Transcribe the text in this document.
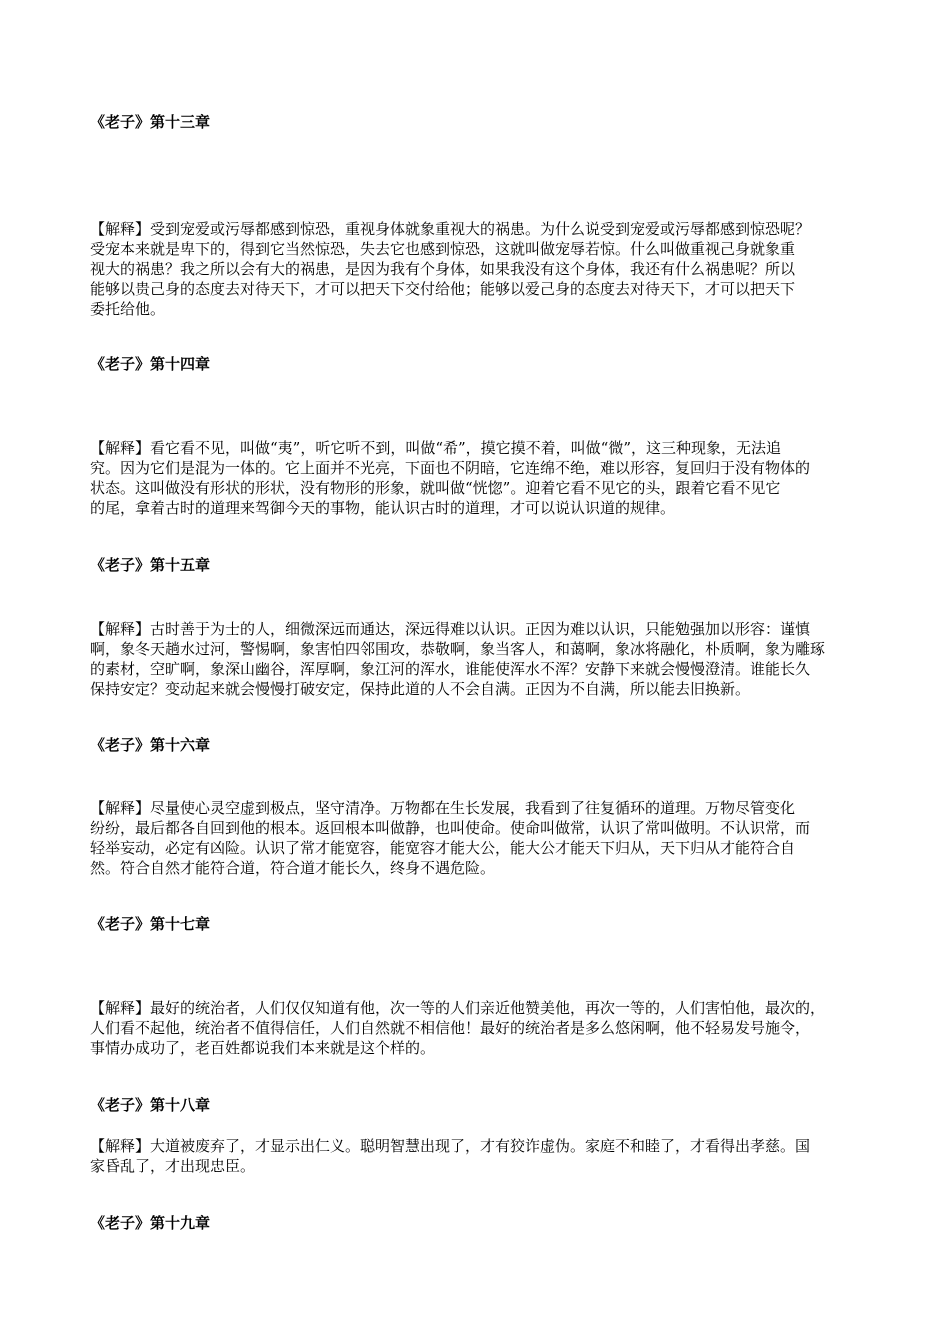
《老子》第十三章
【解释】受到宠爱或污辱都感到惊恐，重视身体就象重视大的祸患。为什么说受到宠爱或污辱都感到惊恐呢？
受宠本来就是卑下的，得到它当然惊恐，失去它也感到惊恐，这就叫做宠辱若惊。什么叫做重视己身就象重
视大的祸患？我之所以会有大的祸患，是因为我有个身体，如果我没有这个身体，我还有什么祸患呢？所以
能够以贵己身的态度去对待天下，才可以把天下交付给他；能够以爱己身的态度去对待天下，才可以把天下
委托给他。
《老子》第十四章
【解释】看它看不见，叫做“夷”，听它听不到，叫做“希”，摸它摸不着，叫做“微”，这三种现象，无法追
究。因为它们是混为一体的。它上面并不光亮，下面也不阴暗，它连绵不绝，难以形容，复回归于没有物体的
状态。这叫做没有形状的形状，没有物形的形象，就叫做“恍惚”。迎着它看不见它的头，跟着它看不见它
的尾，拿着古时的道理来驾御今天的事物，能认识古时的道理，才可以说认识道的规律。
《老子》第十五章
【解释】古时善于为士的人，细微深远而通达，深远得难以认识。正因为难以认识，只能勉强加以形容：谨慎
啊，象冬天趟水过河，警惕啊，象害怕四邻围攻，恭敬啊，象当客人，和蔼啊，象冰将融化，朴质啊，象为雕琢
的素材，空旷啊，象深山幽谷，浑厚啊，象江河的浑水，谁能使浑水不浑？安静下来就会慢慢澄清。谁能长久
保持安定？变动起来就会慢慢打破安定，保持此道的人不会自满。正因为不自满，所以能去旧换新。
《老子》第十六章
【解释】尽量使心灵空虚到极点，坚守清净。万物都在生长发展，我看到了往复循环的道理。万物尽管变化
纷纷，最后都各自回到他的根本。返回根本叫做静，也叫使命。使命叫做常，认识了常叫做明。不认识常，而
轻举妄动，必定有凶险。认识了常才能宽容，能宽容才能大公，能大公才能天下归从，天下归从才能符合自
然。符合自然才能符合道，符合道才能长久，终身不遇危险。
《老子》第十七章
【解释】最好的统治者，人们仅仅知道有他，次一等的人们亲近他赞美他，再次一等的，人们害怕他，最次的，
人们看不起他，统治者不值得信任，人们自然就不相信他！最好的统治者是多么悠闲啊，他不轻易发号施令，
事情办成功了，老百姓都说我们本来就是这个样的。
《老子》第十八章
【解释】大道被废弃了，才显示出仁义。聪明智慧出现了，才有狡诈虚伪。家庭不和睦了，才看得出孝慈。国
家昏乱了，才出现忠臣。
《老子》第十九章
